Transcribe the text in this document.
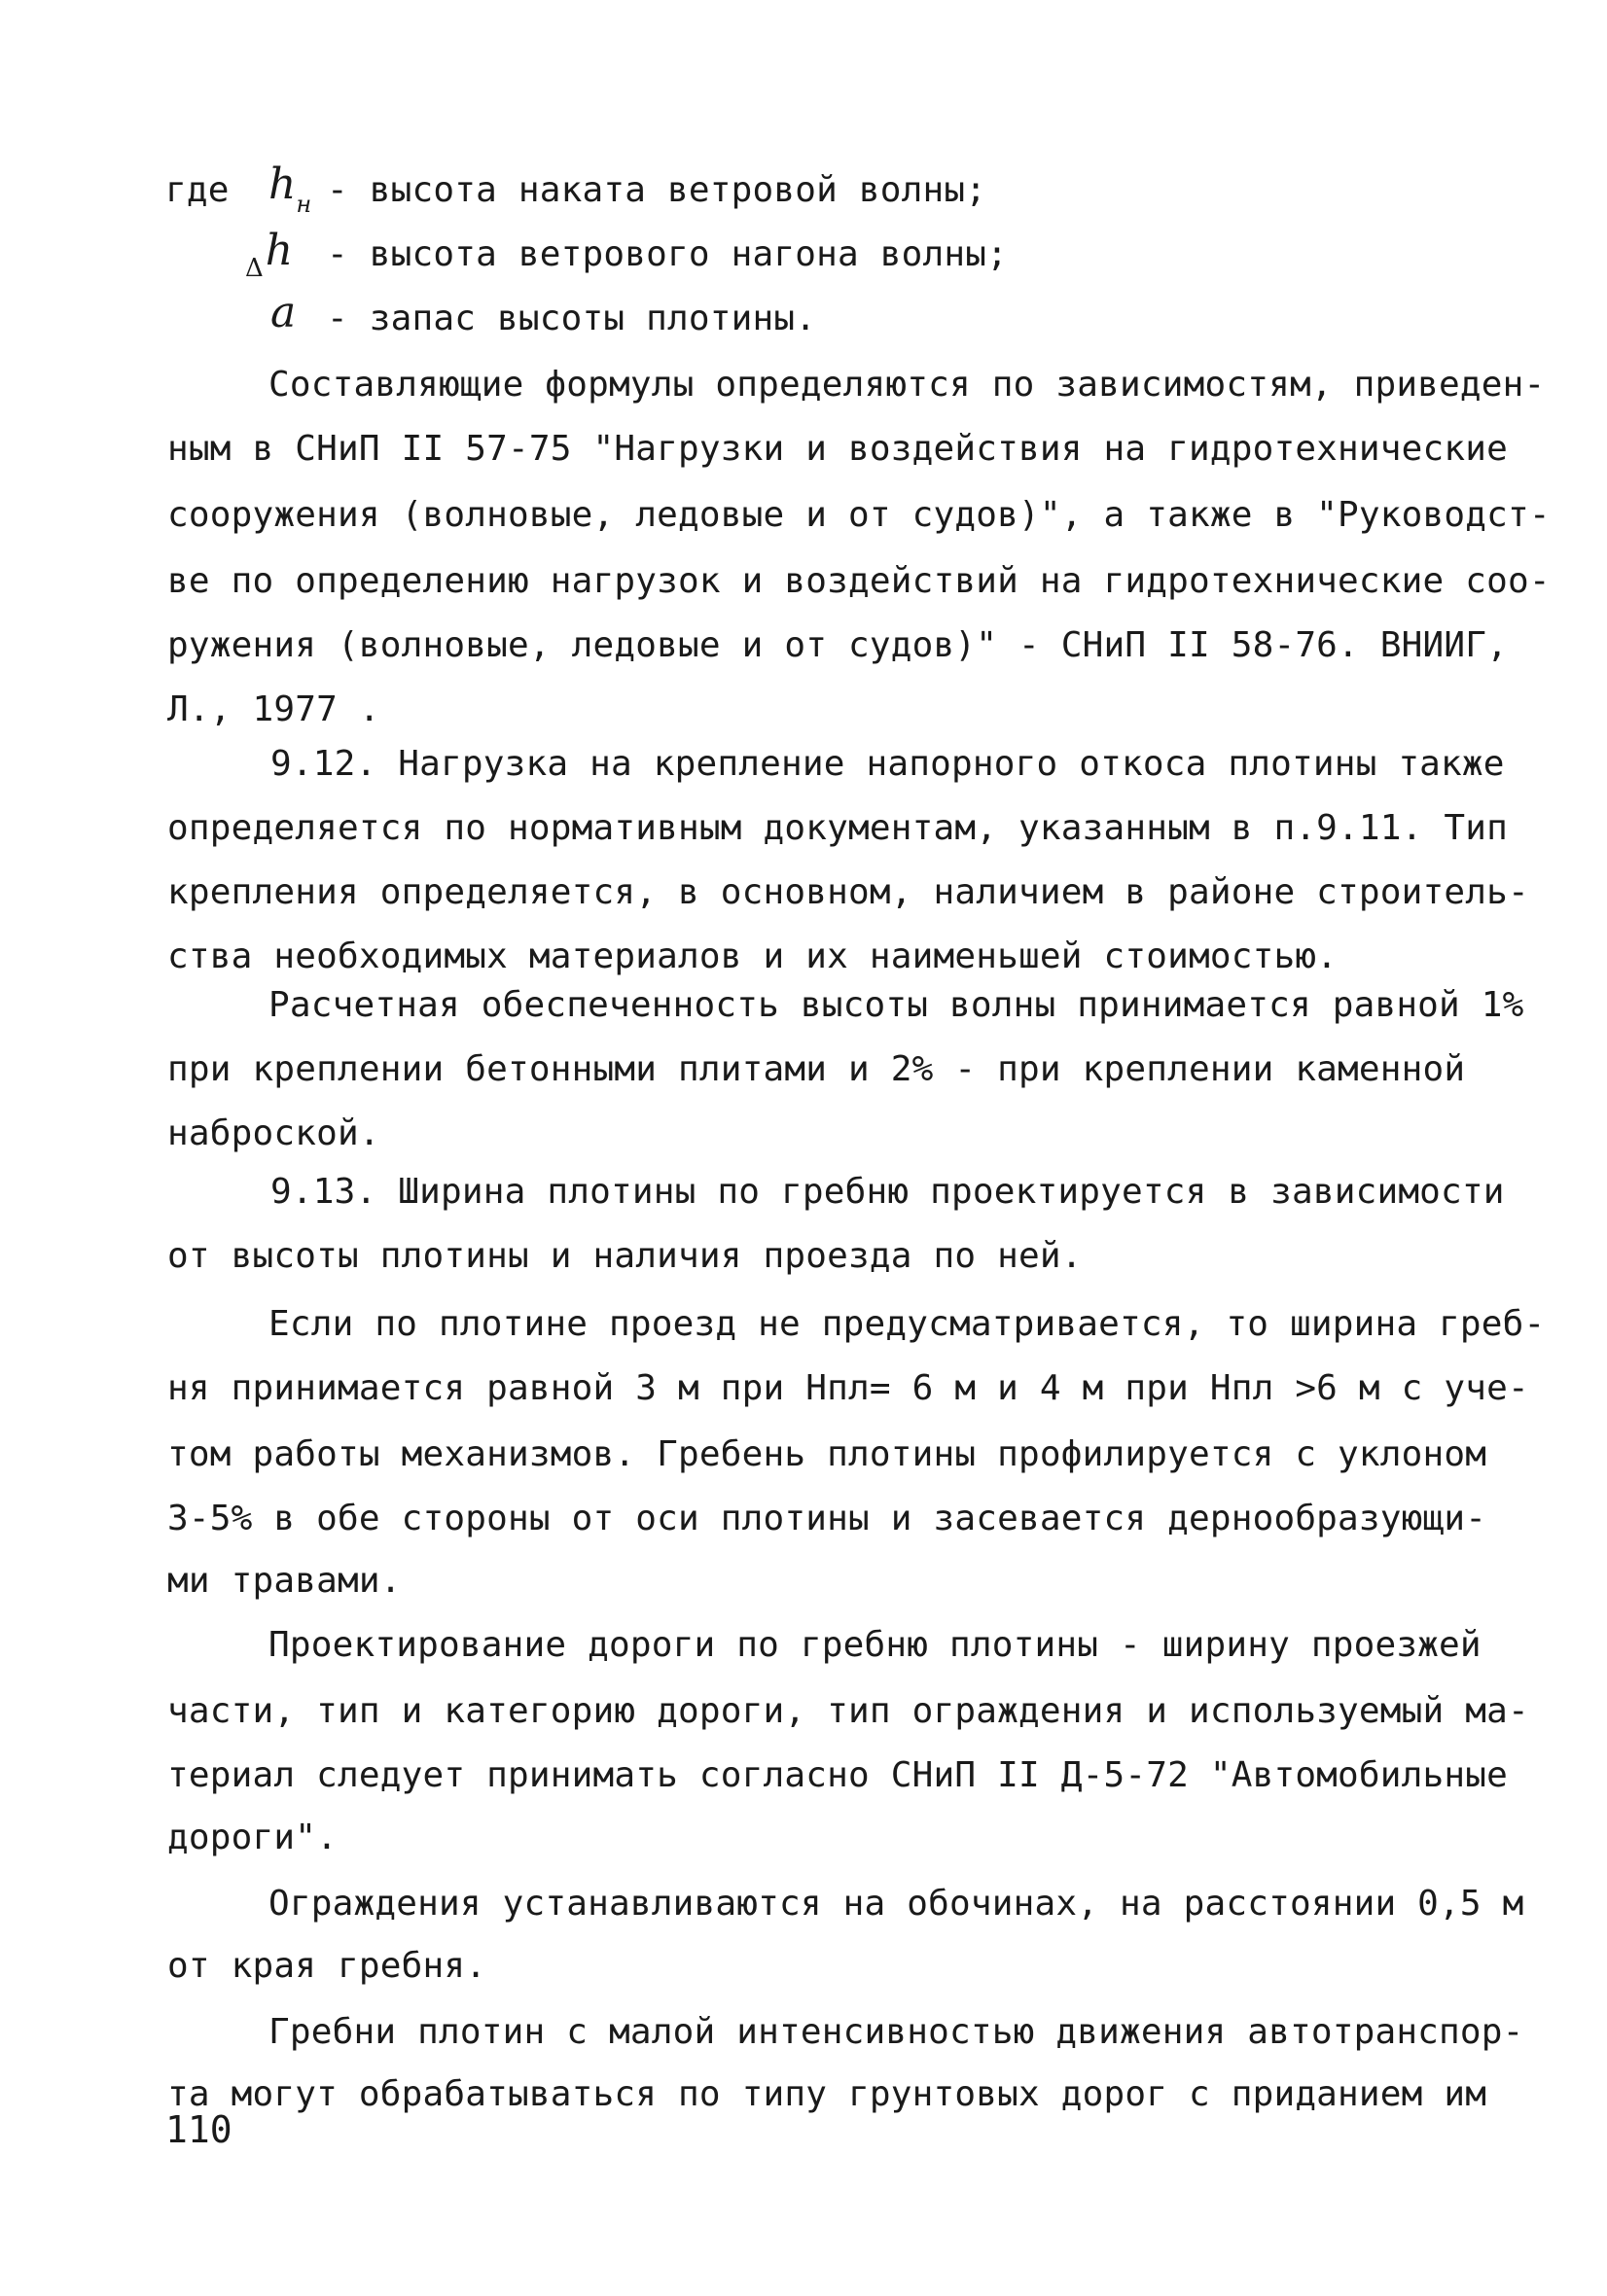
где $h_н$ - высота наката ветровой волны;
$_\Delta$h - высота ветрового нагона волны;
a - запас высоты плотины.
Составляющие формулы определяются по зависимостям, приведен-
ным в СНиП II 57-75 "Нагрузки и воздействия на гидротехнические
сооружения (волновые, ледовые и от судов)", а также в "Руководст-
ве по определению нагрузок и воздействий на гидротехнические соо-
ружения (волновые, ледовые и от судов)" - СНиП II 58-76. ВНИИГ,
Л., 1977 .
9.12. Нагрузка на крепление напорного откоса плотины также
определяется по нормативным документам, указанным в п.9.11. Тип
крепления определяется, в основном, наличием в районе строитель-
ства необходимых материалов и их наименьшей стоимостью.
Расчетная обеспеченность высоты волны принимается равной 1%
при креплении бетонными плитами и 2% - при креплении каменной
наброской.
9.13. Ширина плотины по гребню проектируется в зависимости
от высоты плотины и наличия проезда по ней.
Если по плотине проезд не предусматривается, то ширина греб-
ня принимается равной 3 м при Hпл= 6 м и 4 м при Hпл >6 м с уче-
том работы механизмов. Гребень плотины профилируется с уклоном
3-5% в обе стороны от оси плотины и засевается дернообразующи-
ми травами.
Проектирование дороги по гребню плотины - ширину проезжей
части, тип и категорию дороги, тип ограждения и используемый ма-
териал следует принимать согласно СНиП II Д-5-72 "Автомобильные
дороги".
Ограждения устанавливаются на обочинах, на расстоянии 0,5 м
от края гребня.
Гребни плотин с малой интенсивностью движения автотранспор-
та могут обрабатываться по типу грунтовых дорог с приданием им
110
